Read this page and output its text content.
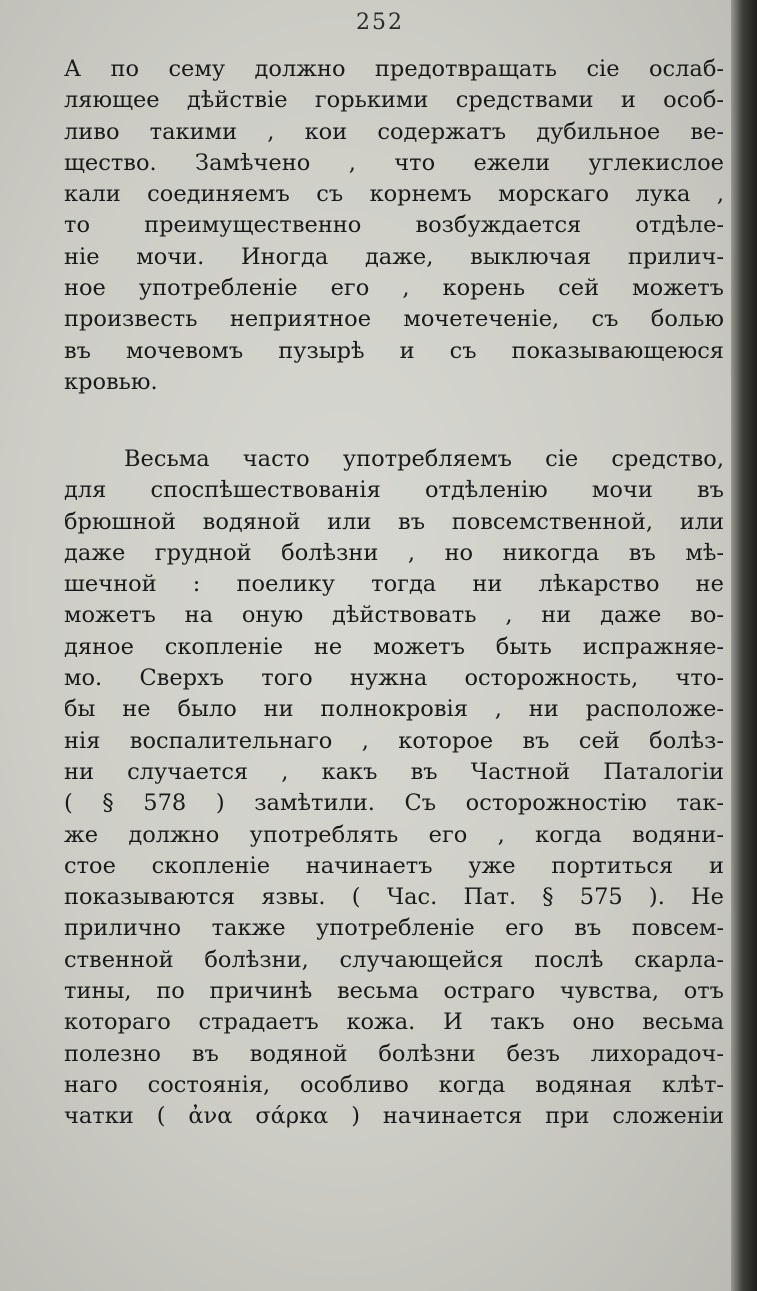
252
А по сему должно предотвращать сіе ослаб-
ляющее дѣйствіе горькими средствами и особ-
ливо такими , кои содержатъ дубильное ве-
щество. Замѣчено , что ежели углекислое
кали соединяемъ съ корнемъ морскаго лука ,
то преимущественно возбуждается отдѣле-
ніе мочи. Иногда даже, выключая прилич-
ное употребленіе его , корень сей можетъ
произвесть неприятное мочетеченіе, съ болью
въ мочевомъ пузырѣ и съ показывающеюся
кровью.
Весьма часто употребляемъ сіе средство,
для споспѣшествованія отдѣленію мочи въ
брюшной водяной или въ повсемственной, или
даже грудной болѣзни , но никогда въ мѣ-
шечной : поелику тогда ни лѣкарство не
можетъ на оную дѣйствовать , ни даже во-
дяное скопленіе не можетъ быть испражняе-
мо. Сверхъ того нужна осторожность, что-
бы не было ни полнокровія , ни расположе-
нія воспалительнаго , которое въ сей болѣз-
ни случается , какъ въ Частной Паталогіи
( § 578 ) замѣтили. Съ осторожностію так-
же должно употреблять его , когда водяни-
стое скопленіе начинаетъ уже портиться и
показываются язвы. ( Час. Пат. § 575 ). Не
прилично также употребленіе его въ повсем-
ственной болѣзни, случающейся послѣ скарла-
тины, по причинѣ весьма остраго чувства, отъ
котораго страдаетъ кожа. И такъ оно весьма
полезно въ водяной болѣзни безъ лихорадоч-
наго состоянія, особливо когда водяная клѣт-
чатки ( ἀνα σάρκα ) начинается при сложеніи
